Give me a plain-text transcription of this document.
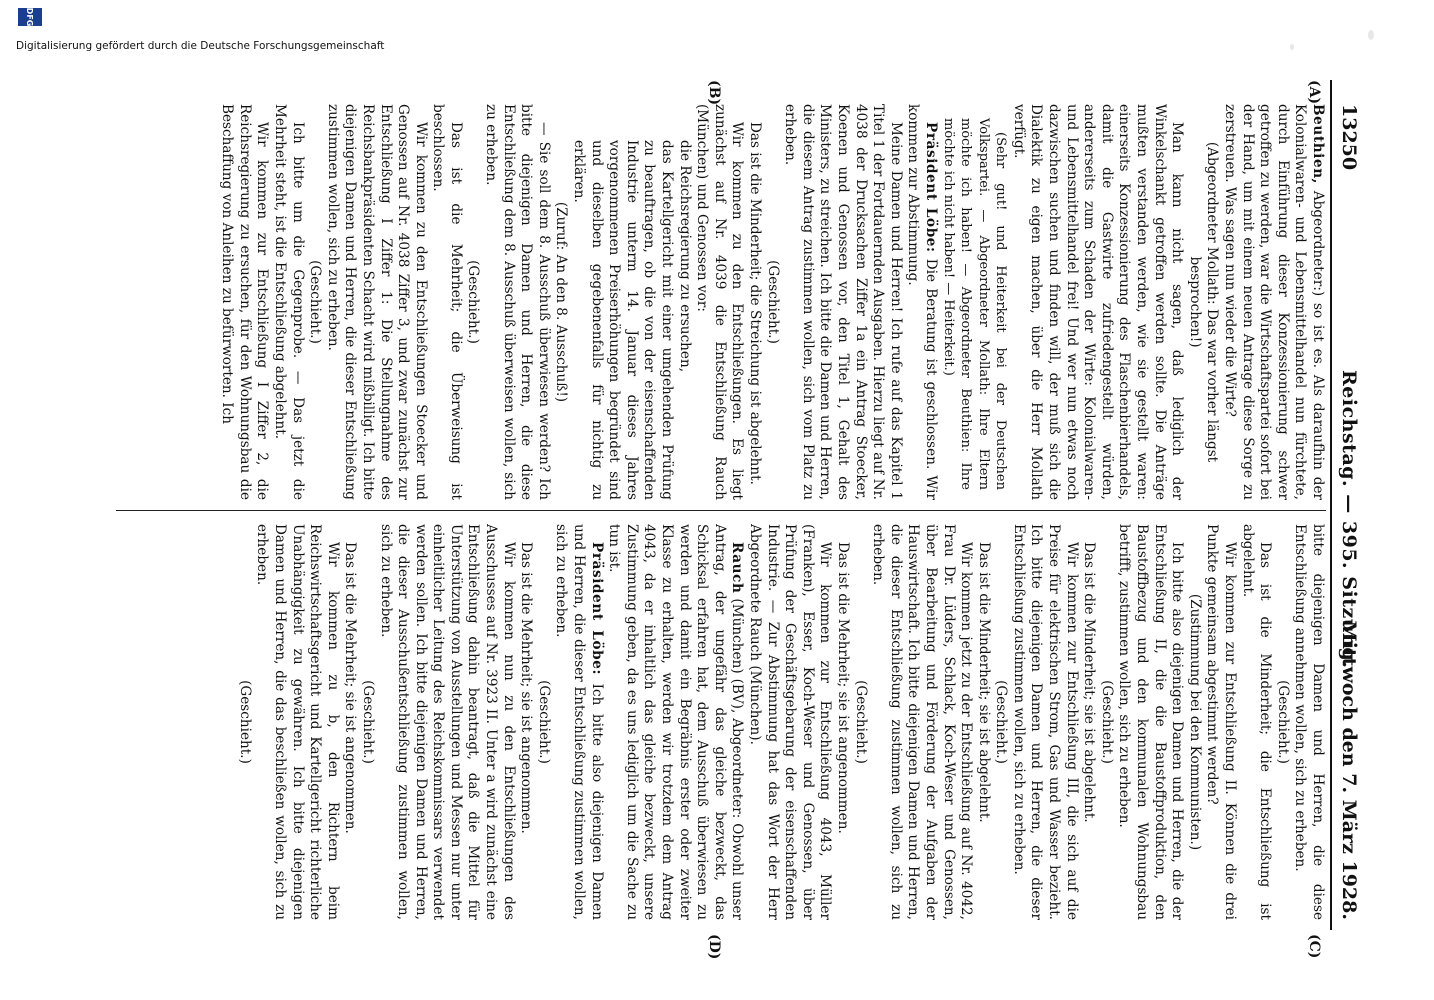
13250
Reichstag. — 395. Sitzung.
Mittwoch den 7. März 1928.
(A)
(B)
(C)
(D)

Beuthien, Abgeordneter:) so ist es. Als daraufhin der Kolonialwaren- und Lebensmittelhandel nun fürchtete, durch Einführung dieser Konzessionierung schwer getroffen zu werden, war die Wirtschaftspartei sofort bei der Hand, um mit einem neuen Antrage diese Sorge zu zerstreuen. Was sagen nun wieder die Wirte?

(Abgeordneter Mollath: Das war vorher längst besprochen!)

Man kann nicht sagen, daß lediglich der Winkelschankt getroffen werden sollte. Die Anträge mußten verstanden werden, wie sie gestellt waren: einerseits Konzessionierung des Flaschenbierhandels, damit die Gastwirte zufriedengestellt würden, andererseits zum Schaden der Wirte: Kolonialwaren- und Lebensmittelhandel frei! Und wer nun etwas noch dazwischen suchen und finden will, der muß sich die Dialektik zu eigen machen, über die Herr Mollath verfügt.

(Sehr gut! und Heiterkeit bei der Deutschen Volkspartei. — Abgeordneter Mollath: Ihre Eltern möchte ich haben! — Abgeordneter Beuthien: Ihre möchte ich nicht haben! — Heiterkeit.)

Präsident Löbe: Die Beratung ist geschlossen. Wir kommen zur Abstimmung.

Meine Damen und Herren! Ich rufe auf das Kapitel 1 Titel 1 der Fortdauernden Ausgaben. Hierzu liegt auf Nr. 4038 der Drucksachen Ziffer 1a ein Antrag Stoecker, Koenen und Genossen vor, den Titel 1, Gehalt des Ministers, zu streichen. Ich bitte die Damen und Herren, die diesem Antrag zustimmen wollen, sich vom Platz zu erheben.

(Geschieht.)

Das ist die Minderheit; die Streichung ist abgelehnt.

Wir kommen zu den Entschließungen. Es liegt zunächst auf Nr. 4039 die Entschließung Rauch (München) und Genossen vor:

die Reichsregierung zu ersuchen,

das Kartellgericht mit einer umgehenden Prüfung zu beauftragen, ob die von der eisenschaffenden Industrie unterm 14. Januar dieses Jahres vorgenommenen Preiserhöhungen begründet sind und dieselben gegebenenfalls für nichtig zu erklären.

(Zuruf: An den 8. Ausschuß!)

— Sie soll dem 8. Ausschuß überwiesen werden? Ich bitte diejenigen Damen und Herren, die diese Entschließung dem 8. Ausschuß überweisen wollen, sich zu erheben.

(Geschieht.)

Das ist die Mehrheit; die Überweisung ist beschlossen.

Wir kommen zu den Entschließungen Stoecker und Genossen auf Nr. 4038 Ziffer 3, und zwar zunächst zur Entschließung I Ziffer 1: Die Stellungnahme des Reichsbankpräsidenten Schacht wird mißbilligt. Ich bitte diejenigen Damen und Herren, die dieser Entschließung zustimmen wollen, sich zu erheben.

(Geschieht.)

Ich bitte um die Gegenprobe. — Das jetzt die Mehrheit steht, ist die Entschließung abgelehnt.

Wir kommen zur Entschließung I Ziffer 2, die Reichsregierung zu ersuchen, für den Wohnungsbau die Beschaffung von Anleihen zu befürworten. Ich

bitte diejenigen Damen und Herren, die diese Entschließung annehmen wollen, sich zu erheben.

(Geschieht.)

Das ist die Minderheit; die Entschließung ist abgelehnt.

Wir kommen zur Entschließung II. Können die drei Punkte gemeinsam abgestimmt werden?

(Zustimmung bei den Kommunisten.)

Ich bitte also diejenigen Damen und Herren, die der Entschließung II, die die Baustoffproduktion, den Baustoffbezug und den kommunalen Wohnungsbau betrifft, zustimmen wollen, sich zu erheben.

(Geschieht.)

Das ist die Minderheit; sie ist abgelehnt.

Wir kommen zur Entschließung III, die sich auf die Preise für elektrischen Strom, Gas und Wasser bezieht. Ich bitte diejenigen Damen und Herren, die dieser Entschließung zustimmen wollen, sich zu erheben.

(Geschieht.)

Das ist die Minderheit; sie ist abgelehnt.

Wir kommen jetzt zu der Entschließung auf Nr. 4042, Frau Dr. Lüders, Schlack, Koch-Weser und Genossen, über Bearbeitung und Förderung der Aufgaben der Hauswirtschaft. Ich bitte diejenigen Damen und Herren, die dieser Entschließung zustimmen wollen, sich zu erheben.

(Geschieht.)

Das ist die Mehrheit; sie ist angenommen.

Wir kommen zur Entschließung 4043, Müller (Franken), Esser, Koch-Weser und Genossen, über Prüfung der Geschäftsgebarung der eisenschaffenden Industrie. — Zur Abstimmung hat das Wort der Herr Abgeordnete Rauch (München).

Rauch (München) (BV), Abgeordneter: Obwohl unser Antrag, der ungefähr das gleiche bezweckt, das Schicksal erfahren hat, dem Ausschuß überwiesen zu werden und damit ein Begräbnis erster oder zweiter Klasse zu erhalten, werden wir trotzdem dem Antrag 4043, da er inhaltlich das gleiche bezweckt, unsere Zustimmung geben, da es uns lediglich um die Sache zu tun ist.

Präsident Löbe: Ich bitte also diejenigen Damen und Herren, die dieser Entschließung zustimmen wollen, sich zu erheben.

(Geschieht.)

Das ist die Mehrheit; sie ist angenommen.

Wir kommen nun zu den Entschließungen des Ausschusses auf Nr. 3923 II. Unter a wird zunächst eine Entschließung dahin beantragt, daß die Mittel für Unterstützung von Ausstellungen und Messen nur unter einheitlicher Leitung des Reichskommissars verwendet werden sollen. Ich bitte diejenigen Damen und Herren, die dieser Ausschußentschließung zustimmen wollen, sich zu erheben.

(Geschieht.)

Das ist die Mehrheit; sie ist angenommen.

Wir kommen zu b, den Richtern beim Reichswirtschaftsgericht und Kartellgericht richterliche Unabhängigkeit zu gewähren. Ich bitte diejenigen Damen und Herren, die das beschließen wollen, sich zu erheben.

(Geschieht.)

DFG
Digitalisierung gefördert durch die Deutsche Forschungsgemeinschaft
